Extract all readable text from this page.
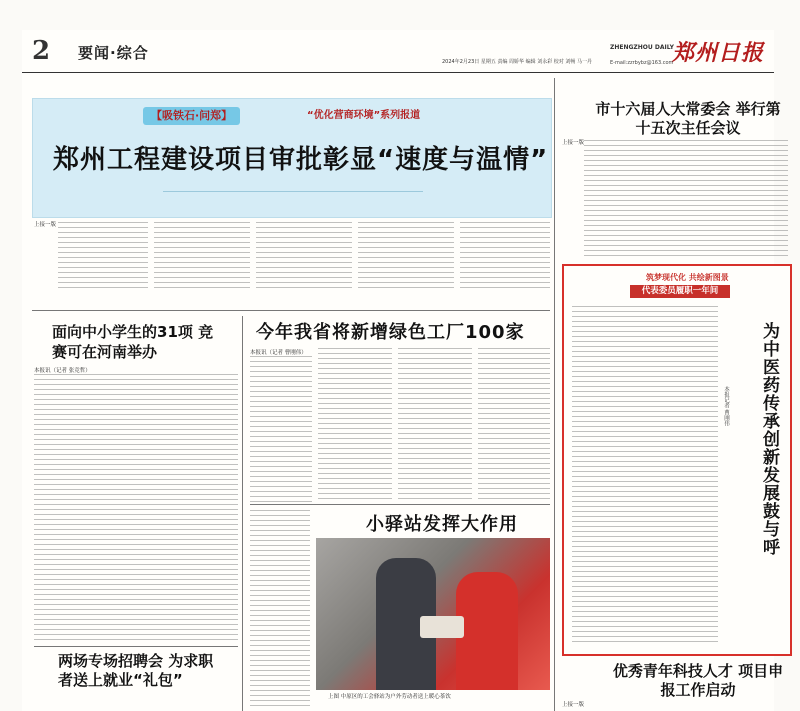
2 要闻·综合	2024年2月23日 星期五 责编 周娇华 编辑 刘永彩 校对 刘畅 马一丹
ZHENGZHOU DAILY
郑州日报
E-mail:zzrbybz@163.com
【吸铁石·问郑】	“优化营商环境”系列报道
郑州工程建设项目审批彰显“速度与温情”
上接一版
面向中小学生的31项 竞赛可在河南举办
本报讯（记者 张竞哲）
今年我省将新增绿色工厂100家
本报讯（记者 曹刚伟）
小驿站发挥大作用
上图 中原区的工会驿站为户外劳动者送上暖心茶饮
两场专场招聘会 为求职者送上就业“礼包”
市十六届人大常委会 举行第十五次主任会议
上接一版
筑梦现代化 共绘新图景
代表委员履职一年间
本报记者 曹刚伟	为中医药传承创新发展鼓与呼
优秀青年科技人才 项目申报工作启动
上接一版
